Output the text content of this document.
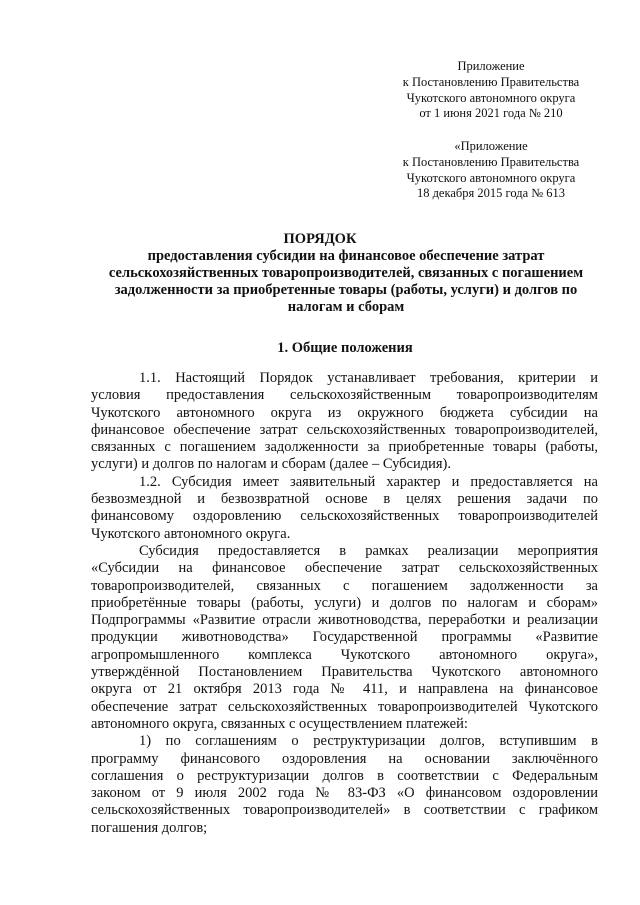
Приложение
к Постановлению Правительства
Чукотского автономного округа
от 1 июня 2021 года № 210
«Приложение
к Постановлению Правительства
Чукотского автономного округа
18 декабря 2015 года № 613
ПОРЯДОК
предоставления субсидии на финансовое обеспечение затрат
сельскохозяйственных товаропроизводителей, связанных с погашением
задолженности за приобретенные товары (работы, услуги) и долгов по
налогам и сборам
1. Общие положения
1.1. Настоящий Порядок устанавливает требования, критерии и
условия предоставления сельскохозяйственным товаропроизводителям
Чукотского автономного округа из окружного бюджета субсидии на
финансовое обеспечение затрат сельскохозяйственных товаропроизводителей,
связанных с погашением задолженности за приобретенные товары (работы,
услуги) и долгов по налогам и сборам (далее – Субсидия).
1.2. Субсидия имеет заявительный характер и предоставляется на
безвозмездной и безвозвратной основе в целях решения задачи по
финансовому оздоровлению сельскохозяйственных товаропроизводителей
Чукотского автономного округа.
Субсидия предоставляется в рамках реализации мероприятия
«Субсидии на финансовое обеспечение затрат сельскохозяйственных
товаропроизводителей, связанных с погашением задолженности за
приобретённые товары (работы, услуги) и долгов по налогам и сборам»
Подпрограммы «Развитие отрасли животноводства, переработки и реализации
продукции животноводства» Государственной программы «Развитие
агропромышленного комплекса Чукотского автономного округа»,
утверждённой Постановлением Правительства Чукотского автономного
округа от 21 октября 2013 года № 411, и направлена на финансовое
обеспечение затрат сельскохозяйственных товаропроизводителей Чукотского
автономного округа, связанных с осуществлением платежей:
1) по соглашениям о реструктуризации долгов, вступившим в
программу финансового оздоровления на основании заключённого
соглашения о реструктуризации долгов в соответствии с Федеральным
законом от 9 июля 2002 года № 83-ФЗ «О финансовом оздоровлении
сельскохозяйственных товаропроизводителей» в соответствии с графиком
погашения долгов;
